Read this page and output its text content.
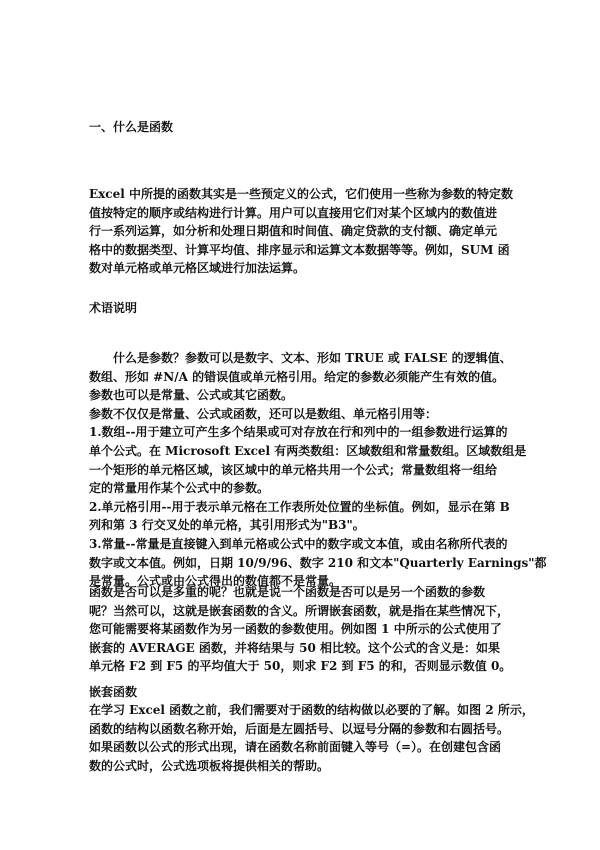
一、什么是函数

Excel 中所提的函数其实是一些预定义的公式，它们使用一些称为参数的特定数
值按特定的顺序或结构进行计算。用户可以直接用它们对某个区域内的数值进
行一系列运算，如分析和处理日期值和时间值、确定贷款的支付额、确定单元
格中的数据类型、计算平均值、排序显示和运算文本数据等等。例如，SUM 函
数对单元格或单元格区域进行加法运算。

术语说明

什么是参数？参数可以是数字、文本、形如 TRUE 或 FALSE 的逻辑值、
数组、形如 #N/A 的错误值或单元格引用。给定的参数必须能产生有效的值。
参数也可以是常量、公式或其它函数。
参数不仅仅是常量、公式或函数，还可以是数组、单元格引用等：
1.数组--用于建立可产生多个结果或可对存放在行和列中的一组参数进行运算的
单个公式。在 Microsoft Excel 有两类数组：区域数组和常量数组。区域数组是
一个矩形的单元格区域，该区域中的单元格共用一个公式；常量数组将一组给
定的常量用作某个公式中的参数。
2.单元格引用--用于表示单元格在工作表所处位置的坐标值。例如，显示在第 B
列和第 3 行交叉处的单元格，其引用形式为"B3"。
3.常量--常量是直接键入到单元格或公式中的数字或文本值，或由名称所代表的
数字或文本值。例如，日期 10/9/96、数字 210 和文本"Quarterly Earnings"都
是常量。公式或由公式得出的数值都不是常量。

函数是否可以是多重的呢？也就是说一个函数是否可以是另一个函数的参数
呢？当然可以，这就是嵌套函数的含义。所谓嵌套函数，就是指在某些情况下，
您可能需要将某函数作为另一函数的参数使用。例如图 1 中所示的公式使用了
嵌套的 AVERAGE 函数，并将结果与 50 相比较。这个公式的含义是：如果
单元格 F2 到 F5 的平均值大于 50，则求 F2 到 F5 的和，否则显示数值 0。

嵌套函数

在学习 Excel 函数之前，我们需要对于函数的结构做以必要的了解。如图 2 所示，
函数的结构以函数名称开始，后面是左圆括号、以逗号分隔的参数和右圆括号。
如果函数以公式的形式出现，请在函数名称前面键入等号（=）。在创建包含函
数的公式时，公式选项板将提供相关的帮助。
